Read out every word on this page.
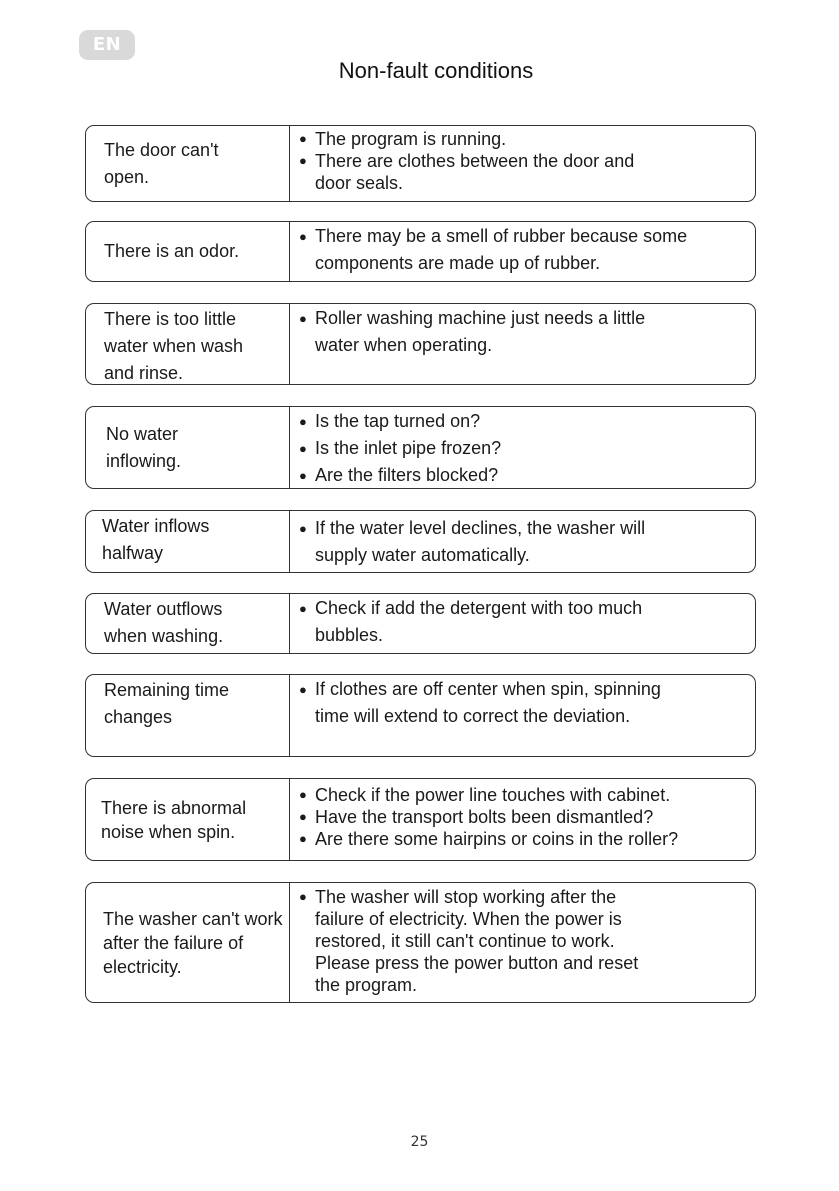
EN
Non-fault conditions
The door can't open.
● The program is running.
● There are clothes between the door and door seals.
There is an odor.
● There may be a smell of rubber because some components are made up of rubber.
There is too little water when wash and rinse.
● Roller washing machine just needs a little water when operating.
No water inflowing.
● Is the tap turned on?
● Is the inlet pipe frozen?
● Are the filters blocked?
Water inflows halfway
● If the water level declines, the washer will supply water automatically.
Water outflows when washing.
● Check if add the detergent with too much bubbles.
Remaining time changes
● If clothes are off center when spin, spinning time will extend to correct the deviation.
There is abnormal noise when spin.
● Check if the power line touches with cabinet.
● Have the transport bolts been dismantled?
● Are there some hairpins or coins in the roller?
The washer can't work after the failure of electricity.
● The washer will stop working after the failure of electricity. When the power is restored, it still can't continue to work. Please press the power button and reset the program.
25
